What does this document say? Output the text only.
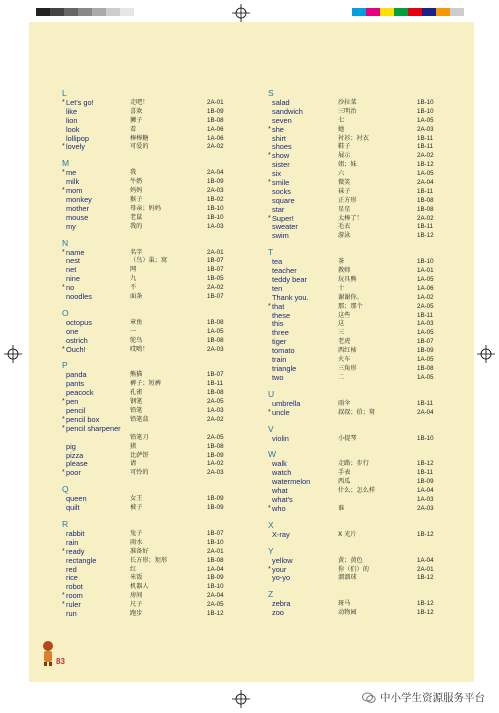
L
* Let's go!	走吧！	2A-01
like	喜欢	1B-09
lion	狮子	1B-08
look	看	1A-06
lollipop	棒棒糖	1A-06
* lovely	可爱的	2A-02
M
* me	我	2A-04
milk	牛奶	1B-09
* mom	妈妈	2A-03
monkey	猴子	1B-02
mother	母亲；妈妈	1B-10
mouse	老鼠	1B-10
my	我的	1A-03
N
* name	名字	2A-01
nest	（鸟）巢；窝	1B-07
net	网	1B-07
nine	九	1B-05
* no	不	2A-02
noodles	面条	1B-07
O
octopus	章鱼	1B-08
one	一	1A-05
ostrich	鸵鸟	1B-08
* Ouch!	哎哟！	2A-03
P
panda	熊猫	1B-07
pants	裤子；短裤	1B-11
peacock	孔雀	1B-08
* pen	钢笔	2A-05
pencil	铅笔	1A-03
* pencil box	铅笔盒	2A-02
* pencil sharpener
铅笔刀	2A-05
pig	猪	1B-08
pizza	比萨饼	1B-09
please	请	1A-02
* poor	可怜的	2A-03
Q
queen	女王	1B-09
quilt	被子	1B-09
R
rabbit	兔子	1B-07
rain	雨水	1B-10
* ready	准备好	2A-01
rectangle	长方形；矩形	1B-08
red	红	1A-04
rice	米饭	1B-09
robot	机器人	1B-10
* room	房间	2A-04
* ruler	尺子	2A-05
run	跑步	1B-12
S
salad	沙拉菜	1B-10
sandwich	三明治	1B-10
seven	七	1A-05
* she	她	2A-03
shirt	衬衫；衬衣	1B-11
shoes	鞋子	1B-11
* show	展示	2A-02
sister	姐；妹	1B-12
six	六	1A-05
* smile	微笑	2A-04
socks	袜子	1B-11
square	正方形	1B-08
star	星星	1B-08
* Super!	太棒了！	2A-02
sweater	毛衣	1B-11
swim	游泳	1B-12
T
tea	茶	1B-10
teacher	教师	1A-01
teddy bear	玩具熊	1A-05
ten	十	1A-06
Thank you.	谢谢你。	1A-02
* that	那；那个	2A-05
these	这些	1B-11
this	这	1A-03
three	三	1A-05
tiger	老虎	1B-07
tomato	西红柿	1B-09
train	火车	1A-05
triangle	三角形	1B-08
two	二	1A-05
U
umbrella	雨伞	1B-11
* uncle	叔叔；伯；舅	2A-04
V
violin	小提琴	1B-10
W
walk	走路；步行	1B-12
watch	手表	1B-11
watermelon	西瓜	1B-09
what	什么；怎么样	1A-04
what's	1A-03
* who	谁	2A-03
X
X-ray	X 光片	1B-12
Y
yellow	黄；黄色	1A-04
* your	你（们）的	2A-01
yo-yo	溜溜球	1B-12
Z
zebra	斑马	1B-12
zoo	动物园	1B-12
83
中小学生资源服务平台
